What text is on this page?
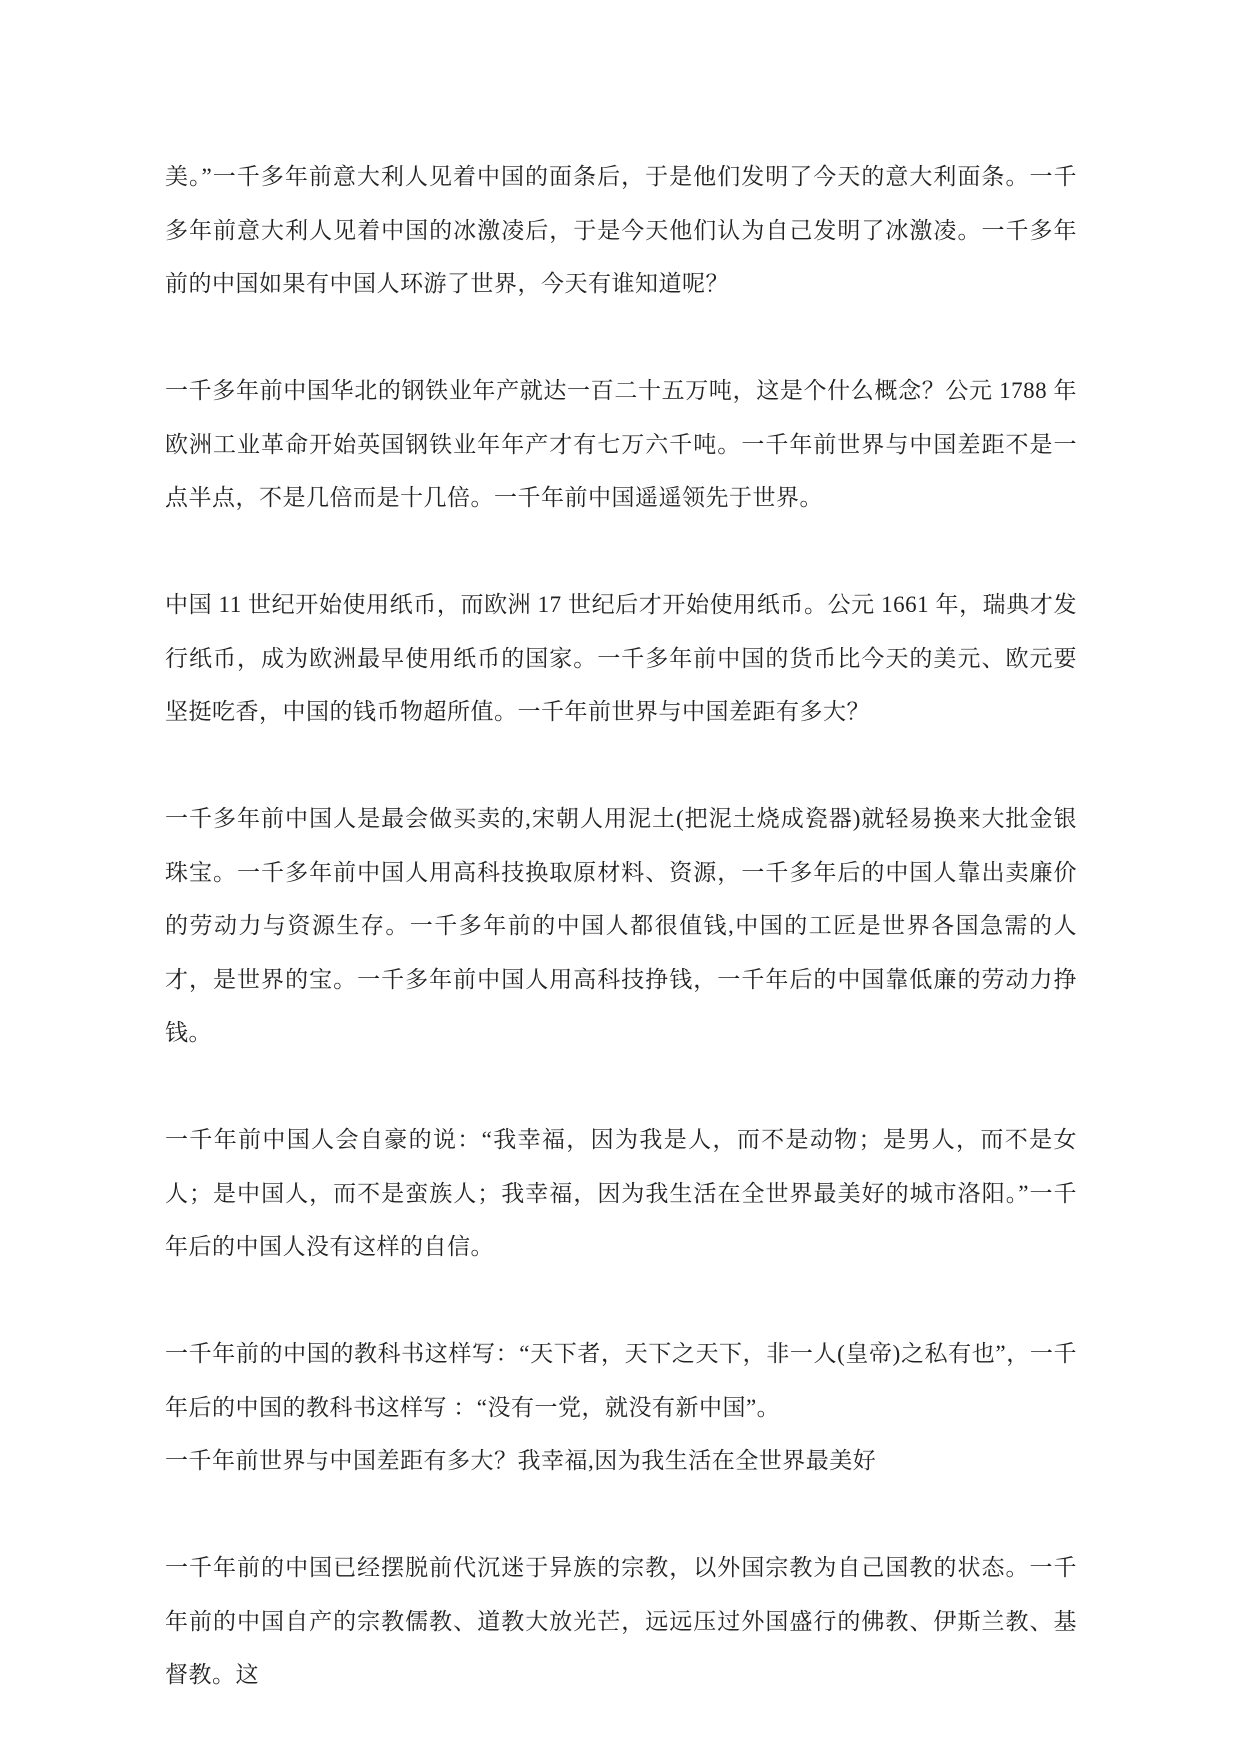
美。”一千多年前意大利人见着中国的面条后，于是他们发明了今天的意大利面条。一千多年前意大利人见着中国的冰激凌后，于是今天他们认为自己发明了冰激凌。一千多年前的中国如果有中国人环游了世界，今天有谁知道呢？

一千多年前中国华北的钢铁业年产就达一百二十五万吨，这是个什么概念？公元 1788 年欧洲工业革命开始英国钢铁业年年产才有七万六千吨。一千年前世界与中国差距不是一点半点，不是几倍而是十几倍。一千年前中国遥遥领先于世界。

中国 11 世纪开始使用纸币，而欧洲 17 世纪后才开始使用纸币。公元 1661 年，瑞典才发行纸币，成为欧洲最早使用纸币的国家。一千多年前中国的货币比今天的美元、欧元要坚挺吃香，中国的钱币物超所值。一千年前世界与中国差距有多大？

一千多年前中国人是最会做买卖的,宋朝人用泥土(把泥土烧成瓷器)就轻易换来大批金银珠宝。一千多年前中国人用高科技换取原材料、资源，一千多年后的中国人靠出卖廉价的劳动力与资源生存。一千多年前的中国人都很值钱,中国的工匠是世界各国急需的人才，是世界的宝。一千多年前中国人用高科技挣钱，一千年后的中国靠低廉的劳动力挣钱。

一千年前中国人会自豪的说：“我幸福，因为我是人，而不是动物；是男人，而不是女人；是中国人，而不是蛮族人；我幸福，因为我生活在全世界最美好的城市洛阳。”一千年后的中国人没有这样的自信。

一千年前的中国的教科书这样写：“天下者，天下之天下，非一人(皇帝)之私有也”，一千年后的中国的教科书这样写 ：“没有一党，就没有新中国”。

一千年前世界与中国差距有多大？我幸福,因为我生活在全世界最美好

一千年前的中国已经摆脱前代沉迷于异族的宗教，以外国宗教为自己国教的状态。一千年前的中国自产的宗教儒教、道教大放光芒，远远压过外国盛行的佛教、伊斯兰教、基督教。这
